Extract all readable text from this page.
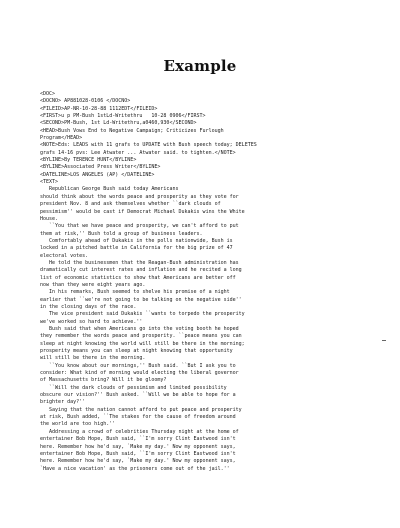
Example
<DOC>
<DOCNO> AP881028-0106 </DOCNO>
<FILEID>AP-NR-10-28-88 1112EDT</FILEID>
<FIRST>u p PM-Bush 1stLd-Writethru   10-28 0906</FIRST>
<SECOND>PM-Bush, 1st Ld-Writethru,a0460,930</SECOND>
<HEAD>Bush Vows End to Negative Campaign; Criticizes Furlough
Program</HEAD>
<NOTE>Eds: LEADS with 11 grafs to UPDATE with Bush speech today; DELETES
grafs 14-16 pvs: Lee Atwater ... Atwater said. to tighten.</NOTE>
<BYLINE>By TERENCE HUNT</BYLINE>
<BYLINE>Associated Press Writer</BYLINE>
<DATELINE>LOS ANGELES (AP) </DATELINE>
<TEXT>
Republican George Bush said today Americans
should think about the words peace and prosperity as they vote for
president Nov. 8 and ask themselves whether ``dark clouds of
pessimism'' would be cast if Democrat Michael Dukakis wins the White
House.
``You that we have peace and prosperity, we can't afford to put
them at risk,'' Bush told a group of business leaders.
Comfortably ahead of Dukakis in the polls nationwide, Bush is
locked in a pitched battle in California for the big prize of 47
electoral votes.
He told the businessmen that the Reagan-Bush administration has
dramatically cut interest rates and inflation and he recited a long
list of economic statistics to show that Americans are better off
now than they were eight years ago.
In his remarks, Bush seemed to shelve his promise of a night
earlier that ``we're not going to be talking on the negative side''
in the closing days of the race.
The vice president said Dukakis ``wants to torpedo the prosperity
we've worked so hard to achieve.''
Bush said that when Americans go into the voting booth he hoped
they remember the words peace and prosperity. ``peace means you can
sleep at night knowing the world will still be there in the morning;
prosperity means you can sleep at night knowing that opportunity
will still be there in the morning.
``You know about our mornings,'' Bush said. ``But I ask you to
consider: What kind of morning would electing the liberal governor
of Massachusetts bring? Will it be gloomy?
``Will the dark clouds of pessimism and limited possibility
obscure our vision?'' Bush asked. ``Will we be able to hope for a
brighter day?''
Saying that the nation cannot afford to put peace and prosperity
at risk, Bush added, ``The stakes for the cause of freedom around
the world are too high.''
Addressing a crowd of celebrities Thursday night at the home of
entertainer Bob Hope, Bush said, ``I'm sorry Clint Eastwood isn't
here. Remember how he'd say, `Make my day.' Now my opponent says,
entertainer Bob Hope, Bush said, ``I'm sorry Clint Eastwood isn't
here. Remember how he'd say, `Make my day.' Now my opponent says,
`Have a nice vacation' as the prisoners come out of the jail.''
